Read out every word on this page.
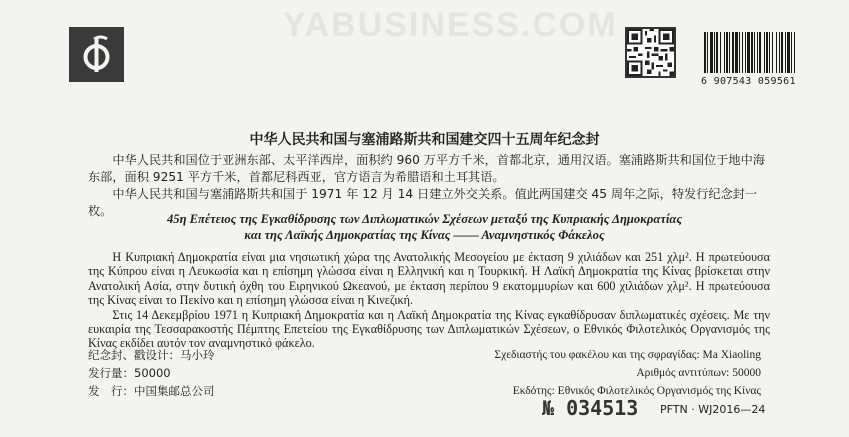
YABUSINESS.COM
6 907543 059561
中华人民共和国与塞浦路斯共和国建交四十五周年纪念封

中华人民共和国位于亚洲东部、太平洋西岸，面积约 960 万平方千米，首都北京，通用汉语。塞浦路斯共和国位于地中海东部，面积 9251 平方千米，首都尼科西亚，官方语言为希腊语和土耳其语。

中华人民共和国与塞浦路斯共和国于 1971 年 12 月 14 日建立外交关系。值此两国建交 45 周年之际，特发行纪念封一枚。

45η Επέτειος της Εγκαθίδρυσης των Διπλωματικών Σχέσεων μεταξύ της Κυπριακής Δημοκρατίας
και της Λαϊκής Δημοκρατίας της Κίνας —— Αναμνηστικός Φάκελος

Η Κυπριακή Δημοκρατία είναι μια νησιωτική χώρα της Ανατολικής Μεσογείου με έκταση 9 χιλιάδων και 251 χλμ². Η πρωτεύουσα της Κύπρου είναι η Λευκωσία και η επίσημη γλώσσα είναι η Ελληνική και η Τουρκική. Η Λαϊκή Δημοκρατία της Κίνας βρίσκεται στην Ανατολική Ασία, στην δυτική όχθη του Ειρηνικού Ωκεανού, με έκταση περίπου 9 εκατομμυρίων και 600 χιλιάδων χλμ². Η πρωτεύουσα της Κίνας είναι το Πεκίνο και η επίσημη γλώσσα είναι η Κινεζική.

Στις 14 Δεκεμβρίου 1971 η Κυπριακή Δημοκρατία και η Λαϊκή Δημοκρατία της Κίνας εγκαθίδρυσαν διπλωματικές σχέσεις. Με την ευκαιρία της Τεσσαρακοστής Πέμπτης Επετείου της Εγκαθίδρυσης των Διπλωματικών Σχέσεων, ο Εθνικός Φιλοτελικός Οργανισμός της Κίνας εκδίδει αυτόν τον αναμνηστικό φάκελο.

纪念封、戳设计：马小玲
发行量：50000
发　行：中国集邮总公司
Σχεδιαστής του φακέλου και της σφραγίδας: Ma Xiaoling
Αριθμός αντιτύπων: 50000
Εκδότης: Εθνικός Φιλοτελικός Οργανισμός της Κίνας
№ 034513 PFTN · WJ2016—24
